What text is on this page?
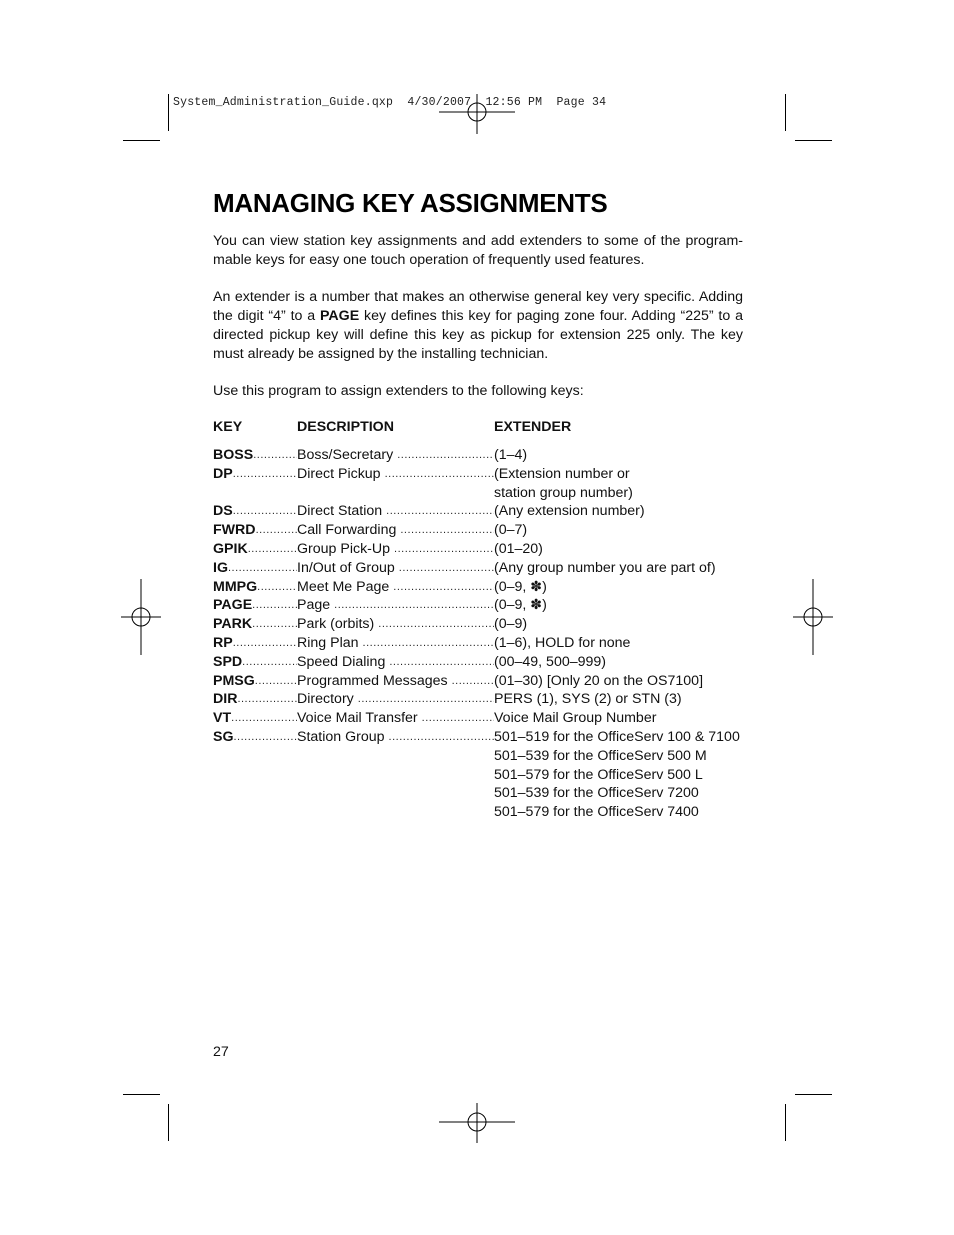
System_Administration_Guide.qxp  4/30/2007  12:56 PM  Page 34
MANAGING KEY ASSIGNMENTS

You can view station key assignments and add extenders to some of the program-mable keys for easy one touch operation of frequently used features.

An extender is a number that makes an otherwise general key very specific. Adding the digit “4” to a PAGE key defines this key for paging zone four. Adding “225” to a directed pickup key will define this key as pickup for extension 225 only. The key must already be assigned by the installing technician.

Use this program to assign extenders to the following keys:

KEY	DESCRIPTION	EXTENDER
BOSS .....	Boss/Secretary .....	(1–4)
DP .....	Direct Pickup .....	(Extension number or
station group number)
DS .....	Direct Station .....	(Any extension number)
FWRD .....	Call Forwarding .....	(0–7)
GPIK .....	Group Pick-Up .....	(01–20)
IG .....	In/Out of Group .....	(Any group number you are part of)
MMPG .....	Meet Me Page .....	(0–9, ✽)
PAGE .....	Page .....	(0–9, ✽)
PARK .....	Park (orbits) .....	(0–9)
RP .....	Ring Plan .....	(1–6), HOLD for none
SPD .....	Speed Dialing .....	(00–49, 500–999)
PMSG .....	Programmed Messages .....	(01–30) [Only 20 on the OS7100]
DIR .....	Directory .....	PERS (1), SYS (2) or STN (3)
VT .....	Voice Mail Transfer .....	Voice Mail Group Number
SG .....	Station Group .....	501–519 for the OfficeServ 100 & 7100
501–539 for the OfficeServ 500 M
501–579 for the OfficeServ 500 L
501–539 for the OfficeServ 7200
501–579 for the OfficeServ 7400
27
